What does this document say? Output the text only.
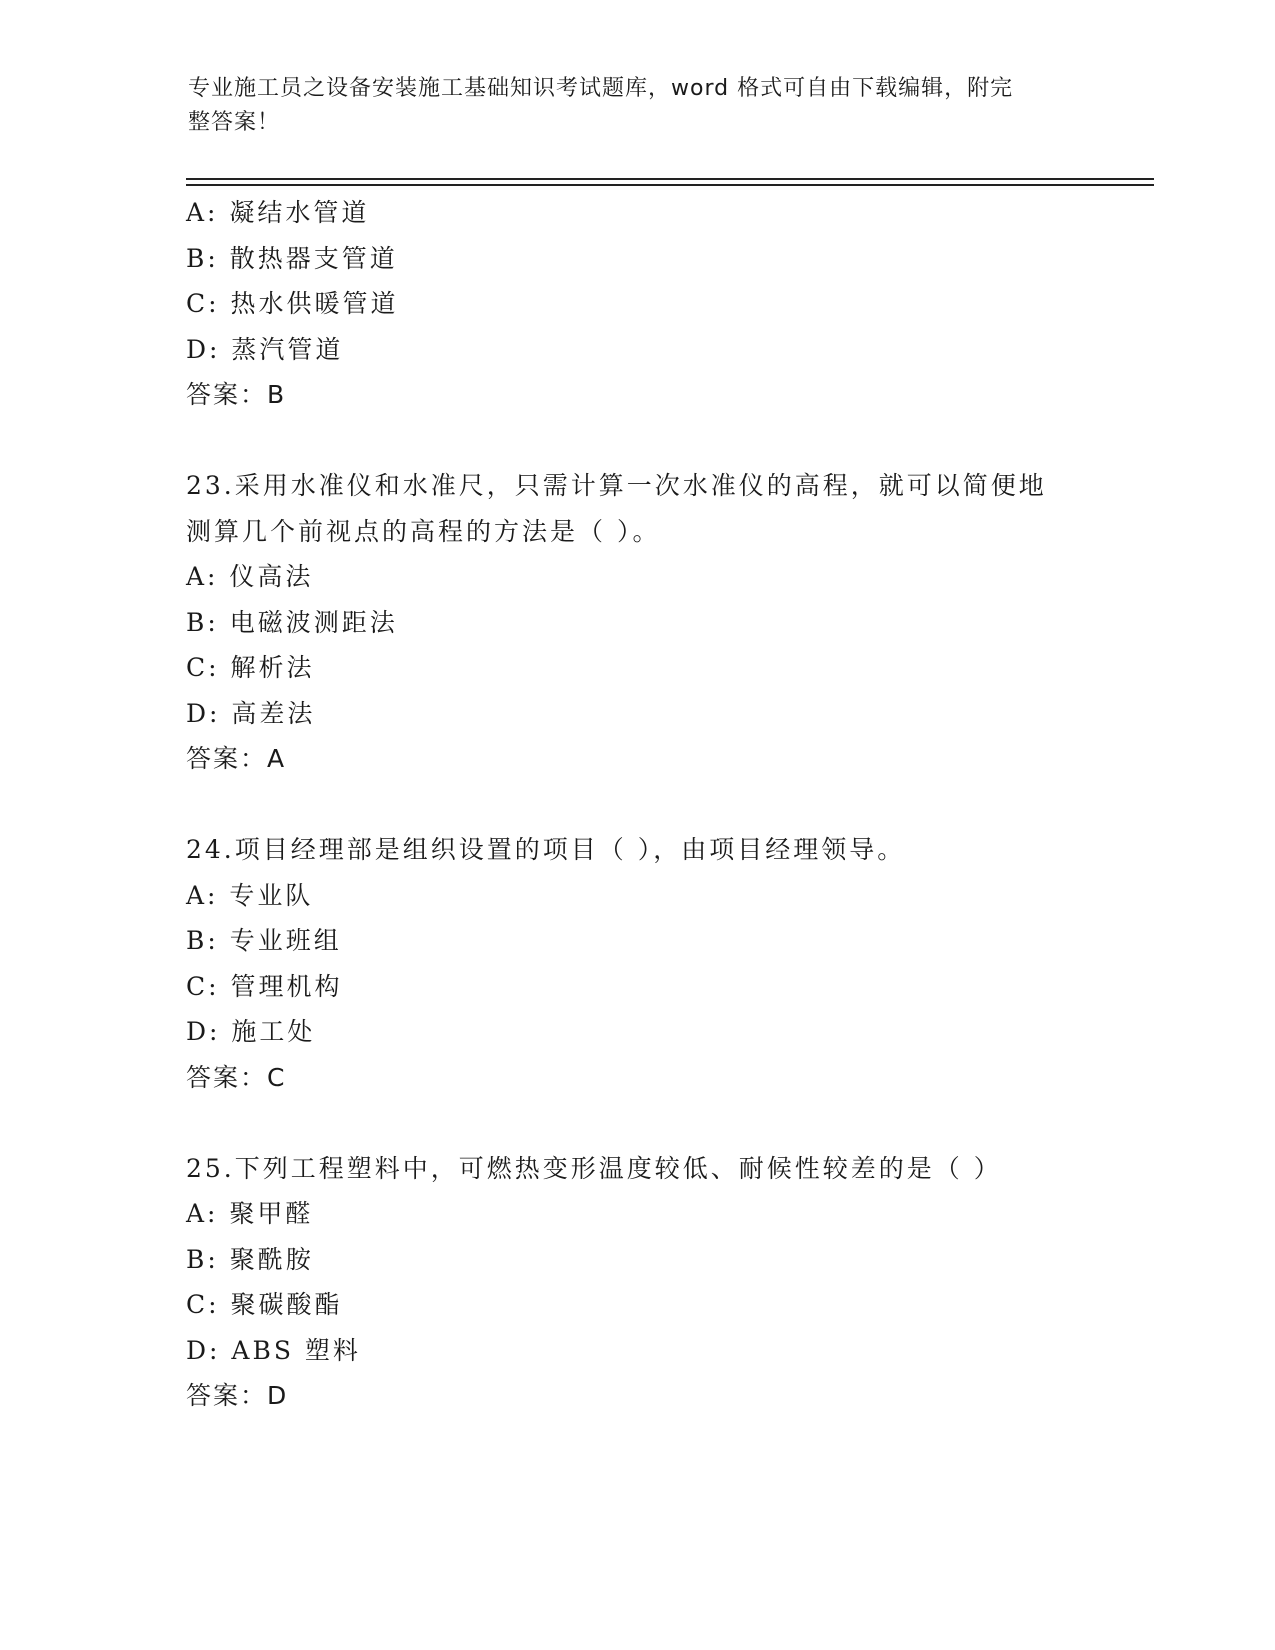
专业施工员之设备安装施工基础知识考试题库，word 格式可自由下载编辑，附完
整答案！
A: 凝结水管道
B: 散热器支管道
C: 热水供暖管道
D: 蒸汽管道
答案：B
23.采用水准仪和水准尺，只需计算一次水准仪的高程，就可以简便地
测算几个前视点的高程的方法是（ ）。
A: 仪高法
B: 电磁波测距法
C: 解析法
D: 高差法
答案：A
24.项目经理部是组织设置的项目（ ），由项目经理领导。
A: 专业队
B: 专业班组
C: 管理机构
D: 施工处
答案：C
25.下列工程塑料中，可燃热变形温度较低、耐候性较差的是（ ）
A: 聚甲醛
B: 聚酰胺
C: 聚碳酸酯
D: ABS 塑料
答案：D
